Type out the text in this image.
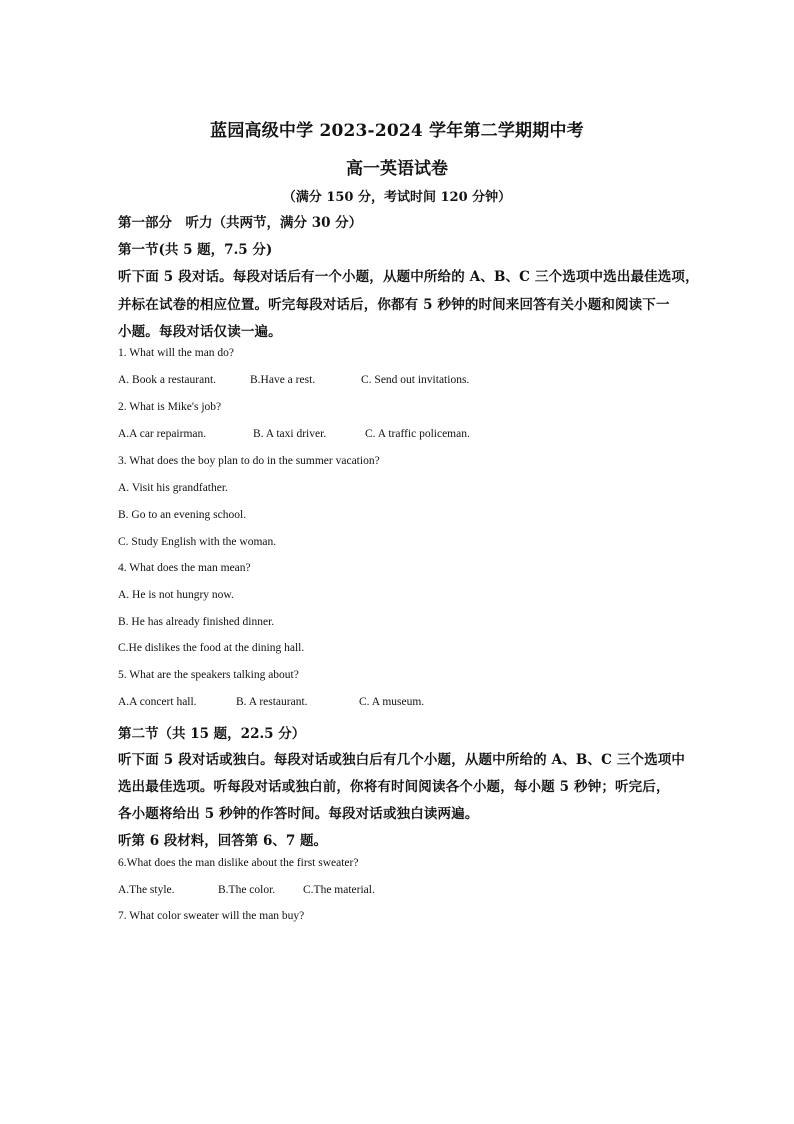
蓝园高级中学 2023-2024 学年第二学期期中考
高一英语试卷
（满分 150 分，考试时间 120 分钟）
第一部分　听力（共两节，满分 30 分）
第一节(共 5 题，7.5 分)
听下面 5 段对话。每段对话后有一个小题，从题中所给的 A、B、C 三个选项中选出最佳选项，
并标在试卷的相应位置。听完每段对话后，你都有 5 秒钟的时间来回答有关小题和阅读下一
小题。每段对话仅读一遍。
1. What will the man do?
A. Book a restaurant.	B.Have a rest.	C. Send out invitations.
2. What is Mike's job?
A.A car repairman.	B. A taxi driver.	C. A traffic policeman.
3. What does the boy plan to do in the summer vacation?
A. Visit his grandfather.
B. Go to an evening school.
C. Study English with the woman.
4. What does the man mean?
A. He is not hungry now.
B. He has already finished dinner.
C.He dislikes the food at the dining hall.
5. What are the speakers talking about?
A.A concert hall.	B. A restaurant.	C. A museum.
第二节（共 15 题，22.5 分）
听下面 5 段对话或独白。每段对话或独白后有几个小题，从题中所给的 A、B、C 三个选项中
选出最佳选项。听每段对话或独白前，你将有时间阅读各个小题，每小题 5 秒钟；听完后，
各小题将给出 5 秒钟的作答时间。每段对话或独白读两遍。
听第 6 段材料，回答第 6、7 题。
6.What does the man dislike about the first sweater?
A.The style.	B.The color. C.The material.
7. What color sweater will the man buy?
